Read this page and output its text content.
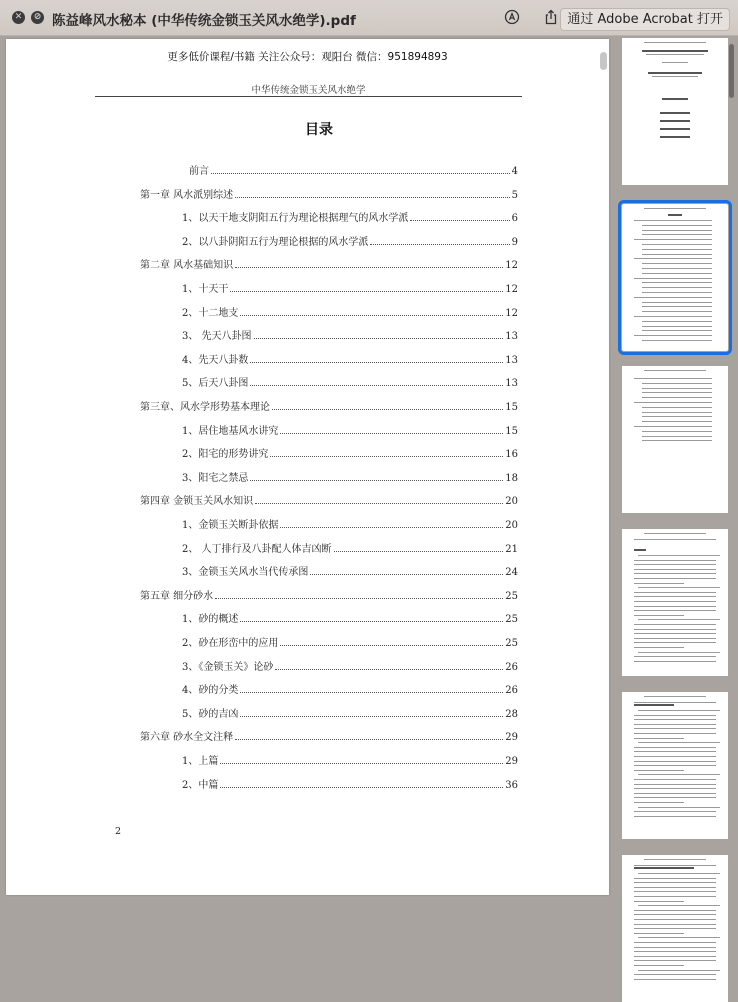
✕	⊘ 陈益峰风水秘本 (中华传统金锁玉关风水绝学).pdf	通过 Adobe Acrobat 打开
更多低价课程/书籍 关注公众号：观阳台 微信：951894893
中华传统金锁玉关风水绝学
目录
前言	4
第一章 风水派别综述	5
1、以天干地支阴阳五行为理论根据理气的风水学派	6
2、以八卦阴阳五行为理论根据的风水学派	9
第二章 风水基础知识	12
1、十天干	12
2、十二地支	12
3、 先天八卦图	13
4、先天八卦数	13
5、后天八卦图	13
第三章、风水学形势基本理论	15
1、居住地基风水讲究	15
2、阳宅的形势讲究	16
3、阳宅之禁忌	18
第四章 金锁玉关风水知识	20
1、金锁玉关断卦依据	20
2、 人丁排行及八卦配人体吉凶断	21
3、金锁玉关风水当代传承图	24
第五章 细分砂水	25
1、砂的概述	25
2、砂在形峦中的应用	25
3、《金锁玉关》论砂	26
4、砂的分类	26
5、砂的吉凶	28
第六章 砂水全文注释	29
1、上篇	29
2、中篇	36
2
